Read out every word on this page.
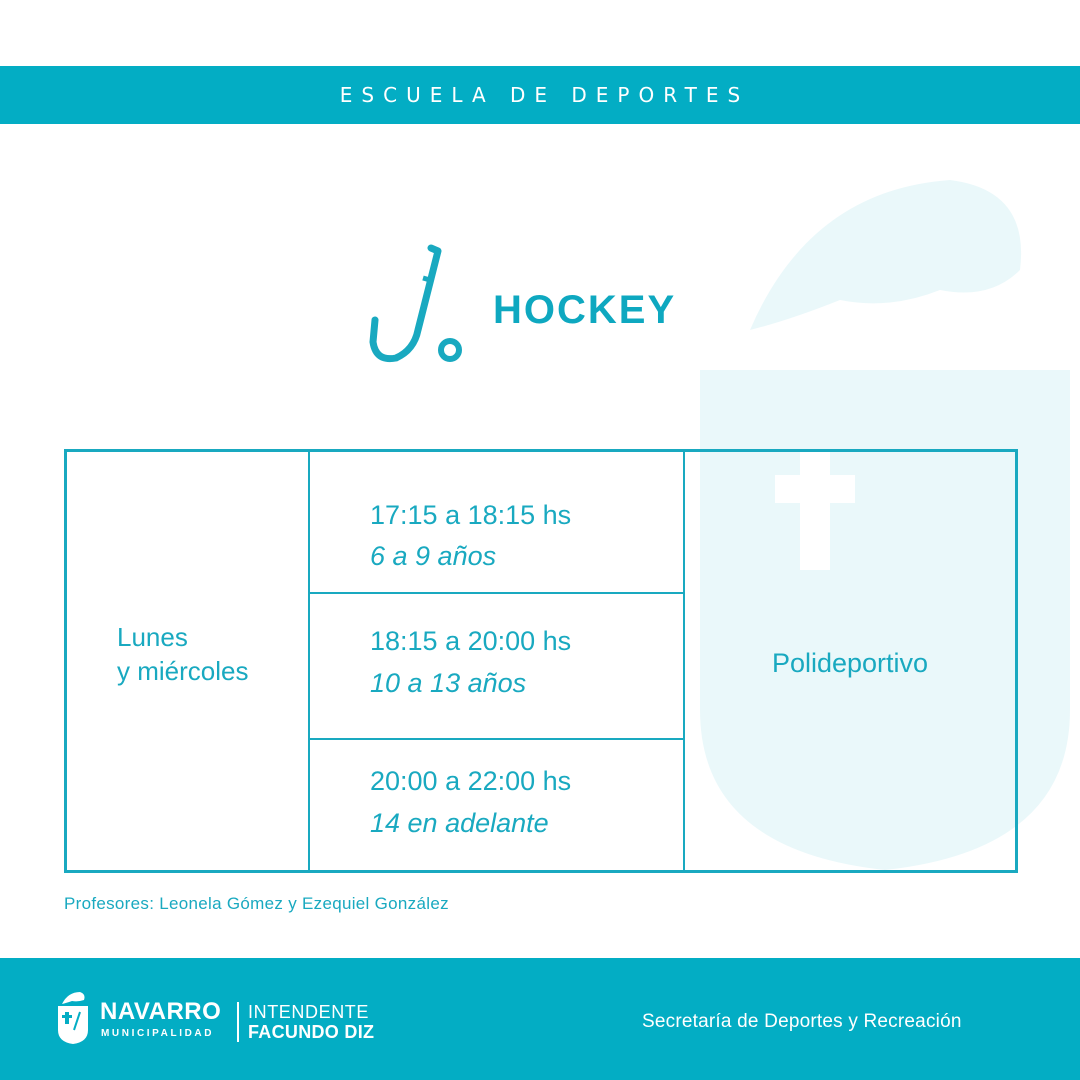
ESCUELA DE DEPORTES
HOCKEY
Lunes
y miércoles
17:15 a 18:15 hs
6 a 9 años
18:15 a 20:00 hs
10 a 13 años
20:00 a 22:00 hs
14 en adelante
Polideportivo
Profesores: Leonela Gómez y Ezequiel González
NAVARRO
MUNICIPALIDAD
INTENDENTE
FACUNDO DIZ	Secretaría de Deportes y Recreación
